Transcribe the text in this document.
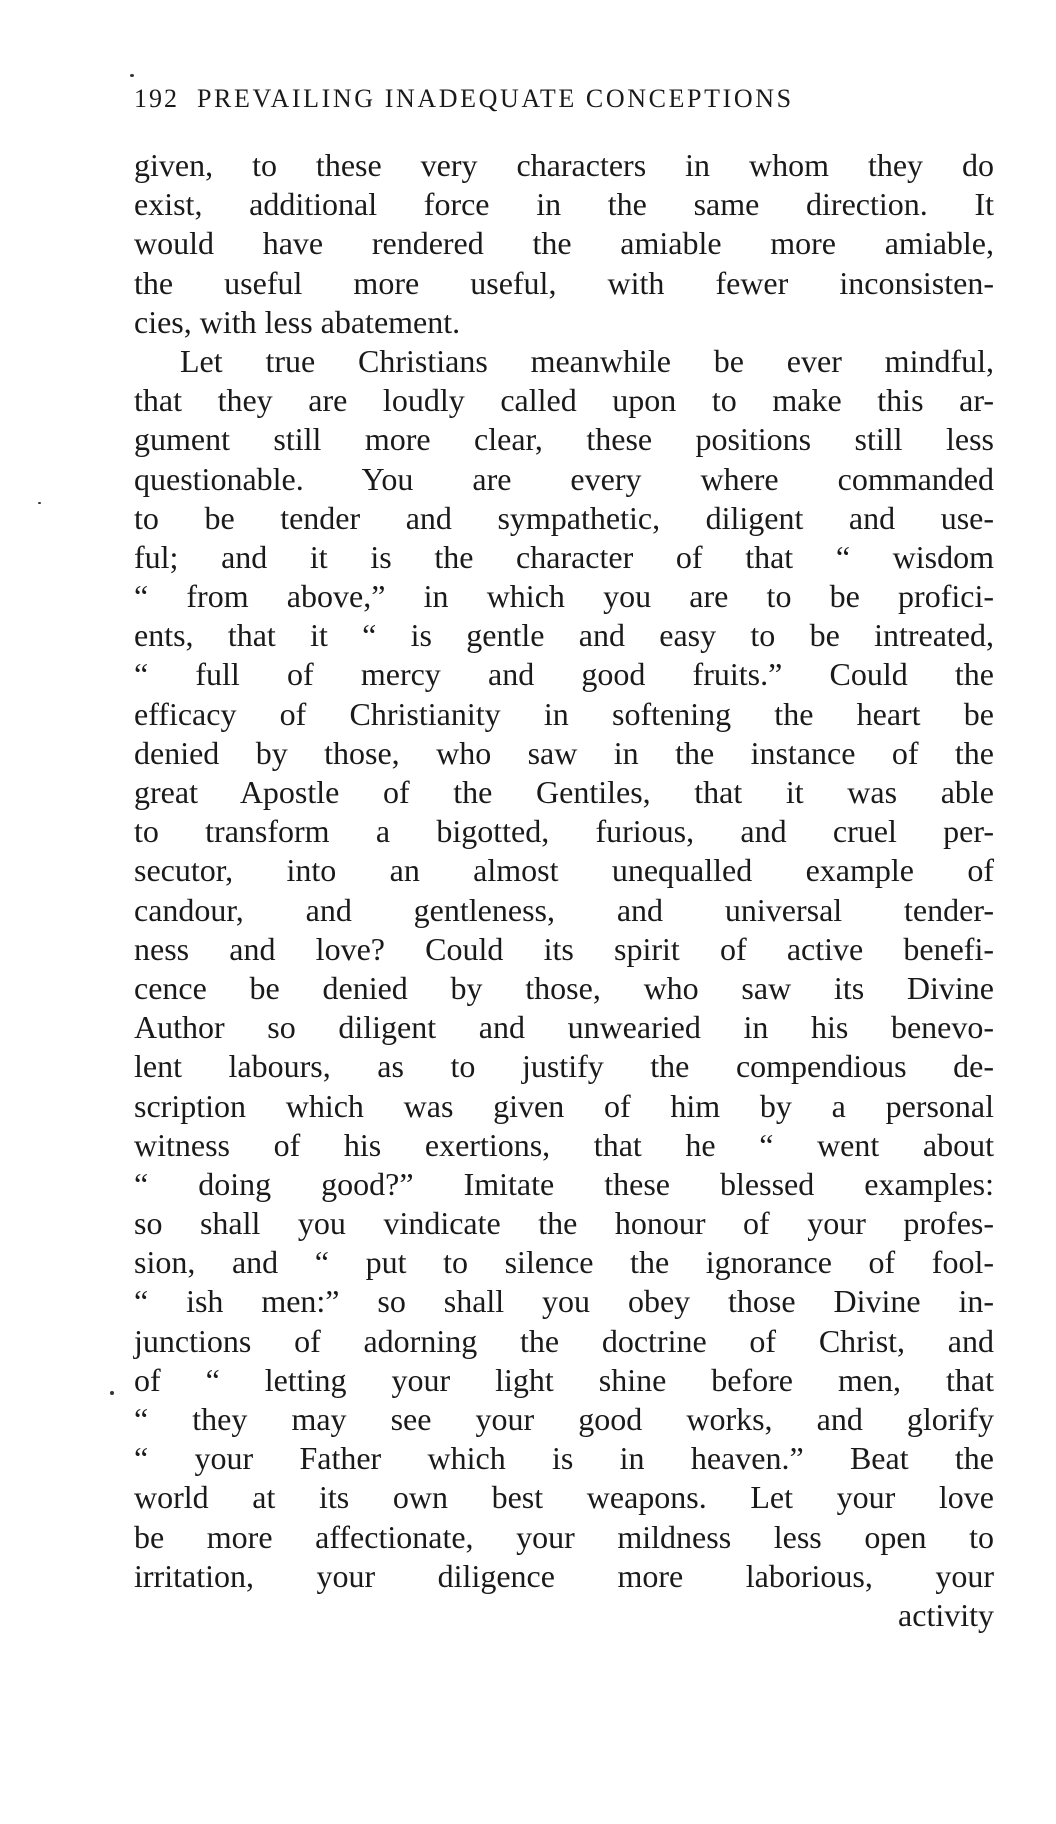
192 PREVAILING INADEQUATE CONCEPTIONS
given, to these very characters in whom they do
exist, additional force in the same direction. It
would have rendered the amiable more amiable,
the useful more useful, with fewer inconsisten-
cies, with less abatement.
Let true Christians meanwhile be ever mindful,
that they are loudly called upon to make this ar-
gument still more clear, these positions still less
questionable. You are every where commanded
to be tender and sympathetic, diligent and use-
ful; and it is the character of that “ wisdom
“ from above,” in which you are to be profici-
ents, that it “ is gentle and easy to be intreated,
“ full of mercy and good fruits.” Could the
efficacy of Christianity in softening the heart be
denied by those, who saw in the instance of the
great Apostle of the Gentiles, that it was able
to transform a bigotted, furious, and cruel per-
secutor, into an almost unequalled example of
candour, and gentleness, and universal tender-
ness and love? Could its spirit of active benefi-
cence be denied by those, who saw its Divine
Author so diligent and unwearied in his benevo-
lent labours, as to justify the compendious de-
scription which was given of him by a personal
witness of his exertions, that he “ went about
“ doing good?” Imitate these blessed examples:
so shall you vindicate the honour of your profes-
sion, and “ put to silence the ignorance of fool-
“ ish men:” so shall you obey those Divine in-
junctions of adorning the doctrine of Christ, and
of “ letting your light shine before men, that
“ they may see your good works, and glorify
“ your Father which is in heaven.” Beat the
world at its own best weapons. Let your love
be more affectionate, your mildness less open to
irritation, your diligence more laborious, your
activity
